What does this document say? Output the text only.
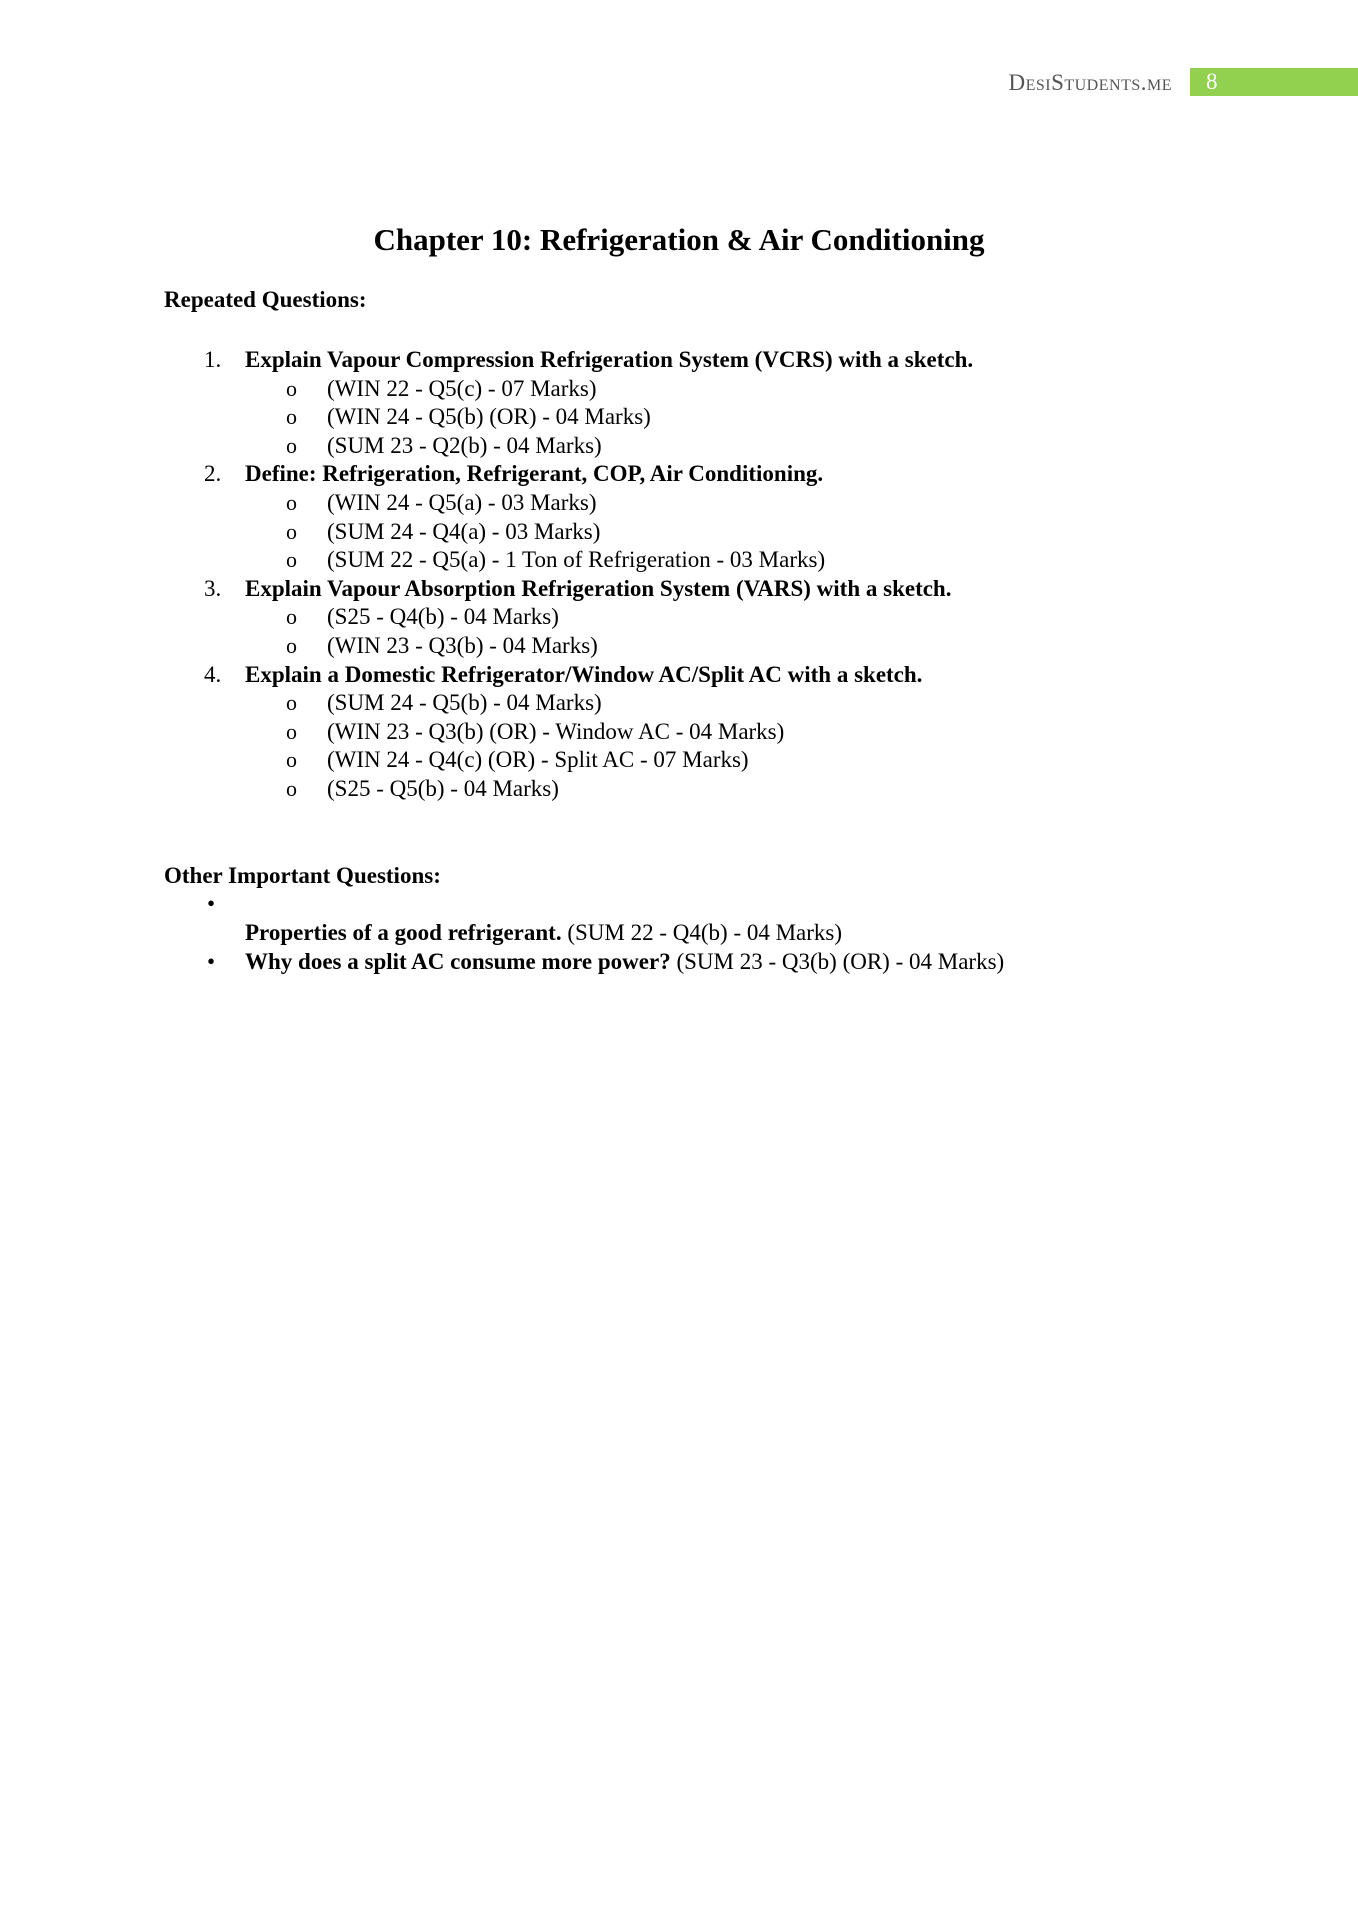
DesiStudents.me 8
Chapter 10: Refrigeration & Air Conditioning
Repeated Questions:
1. Explain Vapour Compression Refrigeration System (VCRS) with a sketch.
o (WIN 22 - Q5(c) - 07 Marks)
o (WIN 24 - Q5(b) (OR) - 04 Marks)
o (SUM 23 - Q2(b) - 04 Marks)
2. Define: Refrigeration, Refrigerant, COP, Air Conditioning.
o (WIN 24 - Q5(a) - 03 Marks)
o (SUM 24 - Q4(a) - 03 Marks)
o (SUM 22 - Q5(a) - 1 Ton of Refrigeration - 03 Marks)
3. Explain Vapour Absorption Refrigeration System (VARS) with a sketch.
o (S25 - Q4(b) - 04 Marks)
o (WIN 23 - Q3(b) - 04 Marks)
4. Explain a Domestic Refrigerator/Window AC/Split AC with a sketch.
o (SUM 24 - Q5(b) - 04 Marks)
o (WIN 23 - Q3(b) (OR) - Window AC - 04 Marks)
o (WIN 24 - Q4(c) (OR) - Split AC - 07 Marks)
o (S25 - Q5(b) - 04 Marks)
Other Important Questions:
•
Properties of a good refrigerant. (SUM 22 - Q4(b) - 04 Marks)
• Why does a split AC consume more power? (SUM 23 - Q3(b) (OR) - 04 Marks)
